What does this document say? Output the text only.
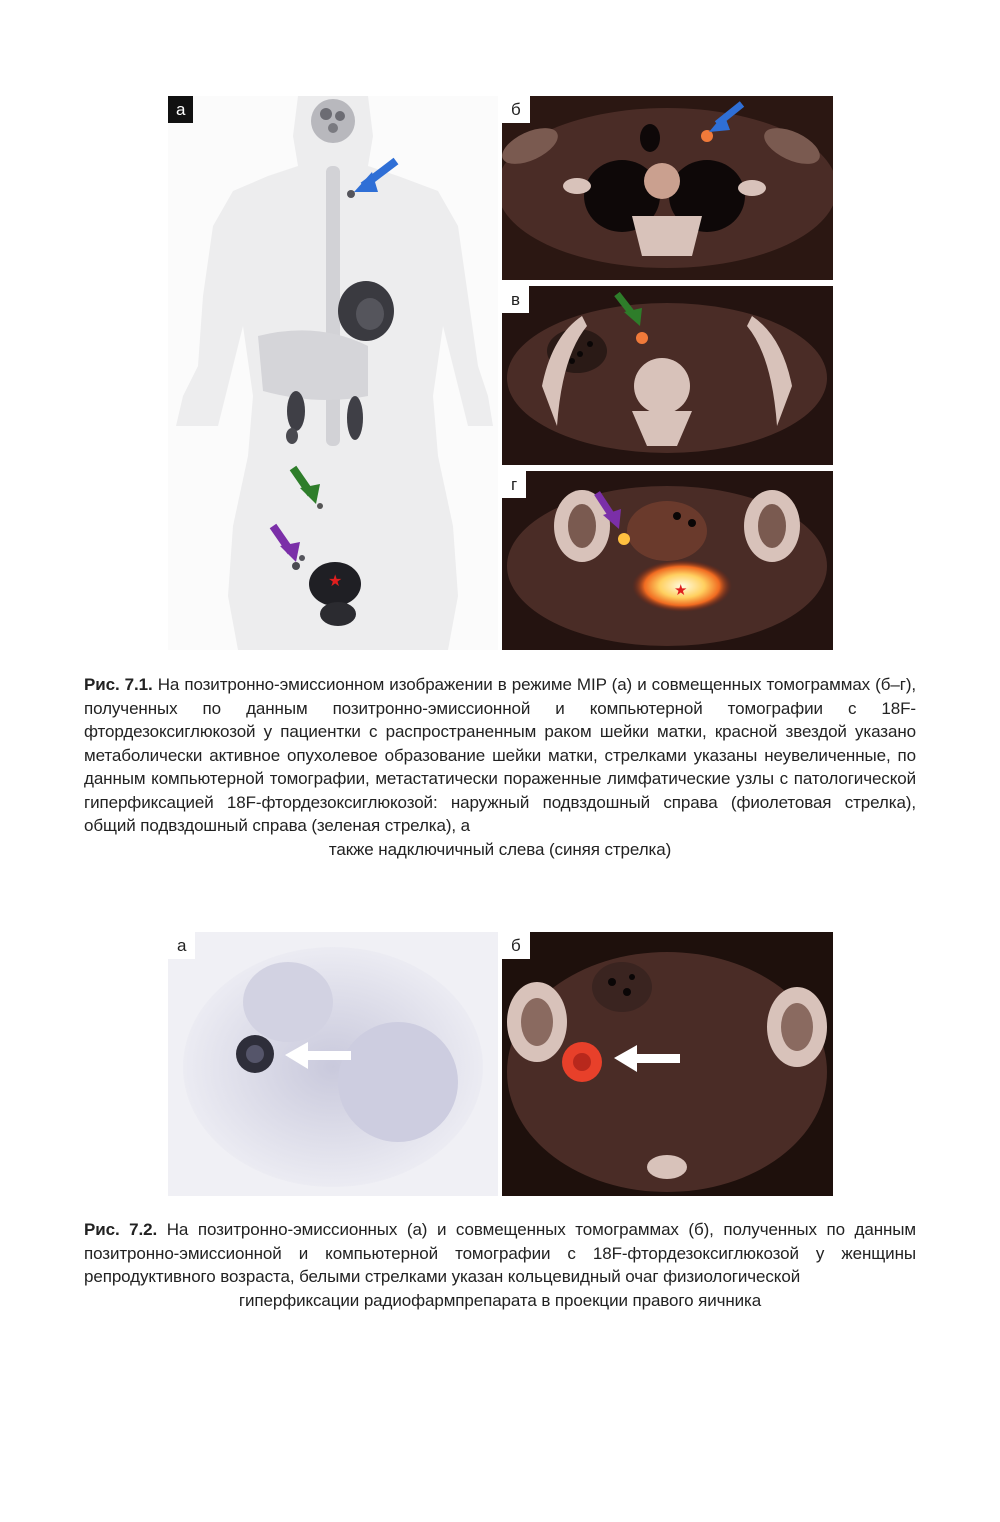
★
а	б
в
★
г
Рис. 7.1. На позитронно-эмиссионном изображении в режиме MIP (а) и совмещенных томограммах (б–г), полученных по данным позитронно-эмиссионной и компьютерной томографии с 18F-фтордезоксиглюкозой у пациентки с распространенным раком шейки матки, красной звездой указано метаболически активное опухолевое образование шейки матки, стрелками указаны неувеличенные, по данным компьютерной томографии, метастатически пораженные лимфатические узлы с патологической гиперфиксацией 18F-фтордезоксиглюкозой: наружный подвздошный справа (фиолетовая стрелка), общий подвздошный справа (зеленая стрелка), а
также надключичный слева (синяя стрелка)
а	б
Рис. 7.2. На позитронно-эмиссионных (а) и совмещенных томограммах (б), полученных по данным позитронно-эмиссионной и компьютерной томографии с 18F-фтордезоксиглюкозой у женщины репродуктивного возраста, белыми стрелками указан кольцевидный очаг физиологической
гиперфиксации радиофармпрепарата в проекции правого яичника
